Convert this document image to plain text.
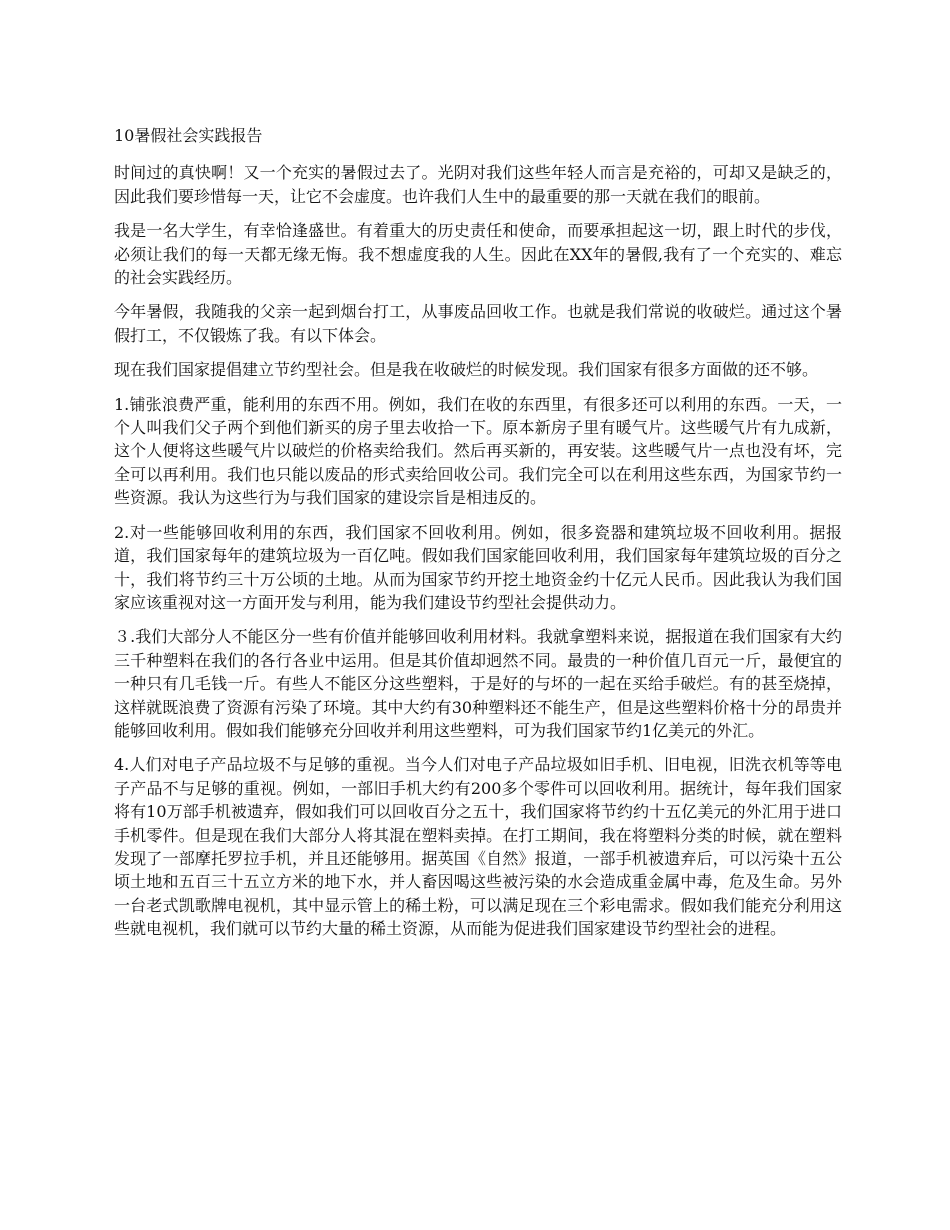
10暑假社会实践报告

时间过的真快啊！又一个充实的暑假过去了。光阴对我们这些年轻人而言是充裕的，可却又是缺乏的，因此我们要珍惜每一天，让它不会虚度。也许我们人生中的最重要的那一天就在我们的眼前。

我是一名大学生，有幸恰逢盛世。有着重大的历史责任和使命，而要承担起这一切，跟上时代的步伐，必须让我们的每一天都无缘无悔。我不想虚度我的人生。因此在XX年的暑假,我有了一个充实的、难忘的社会实践经历。

今年暑假，我随我的父亲一起到烟台打工，从事废品回收工作。也就是我们常说的收破烂。通过这个暑假打工，不仅锻炼了我。有以下体会。

现在我们国家提倡建立节约型社会。但是我在收破烂的时候发现。我们国家有很多方面做的还不够。

1.铺张浪费严重，能利用的东西不用。例如，我们在收的东西里，有很多还可以利用的东西。一天，一个人叫我们父子两个到他们新买的房子里去收拾一下。原本新房子里有暖气片。这些暖气片有九成新，这个人便将这些暖气片以破烂的价格卖给我们。然后再买新的，再安装。这些暖气片一点也没有坏，完全可以再利用。我们也只能以废品的形式卖给回收公司。我们完全可以在利用这些东西，为国家节约一些资源。我认为这些行为与我们国家的建设宗旨是相违反的。

2.对一些能够回收利用的东西，我们国家不回收利用。例如，很多瓷器和建筑垃圾不回收利用。据报道，我们国家每年的建筑垃圾为一百亿吨。假如我们国家能回收利用，我们国家每年建筑垃圾的百分之十，我们将节约三十万公顷的土地。从而为国家节约开挖土地资金约十亿元人民币。因此我认为我们国家应该重视对这一方面开发与利用，能为我们建设节约型社会提供动力。

３.我们大部分人不能区分一些有价值并能够回收利用材料。我就拿塑料来说，据报道在我们国家有大约三千种塑料在我们的各行各业中运用。但是其价值却迥然不同。最贵的一种价值几百元一斤，最便宜的一种只有几毛钱一斤。有些人不能区分这些塑料，于是好的与坏的一起在买给手破烂。有的甚至烧掉，这样就既浪费了资源有污染了环境。其中大约有30种塑料还不能生产，但是这些塑料价格十分的昂贵并能够回收利用。假如我们能够充分回收并利用这些塑料，可为我们国家节约1亿美元的外汇。

4.人们对电子产品垃圾不与足够的重视。当今人们对电子产品垃圾如旧手机、旧电视，旧洗衣机等等电子产品不与足够的重视。例如，一部旧手机大约有200多个零件可以回收利用。据统计，每年我们国家将有10万部手机被遗弃，假如我们可以回收百分之五十，我们国家将节约约十五亿美元的外汇用于进口手机零件。但是现在我们大部分人将其混在塑料卖掉。在打工期间，我在将塑料分类的时候，就在塑料发现了一部摩托罗拉手机，并且还能够用。据英国《自然》报道，一部手机被遗弃后，可以污染十五公顷土地和五百三十五立方米的地下水，并人畜因喝这些被污染的水会造成重金属中毒，危及生命。另外一台老式凯歌牌电视机，其中显示管上的稀土粉，可以满足现在三个彩电需求。假如我们能充分利用这些就电视机，我们就可以节约大量的稀土资源，从而能为促进我们国家建设节约型社会的进程。
